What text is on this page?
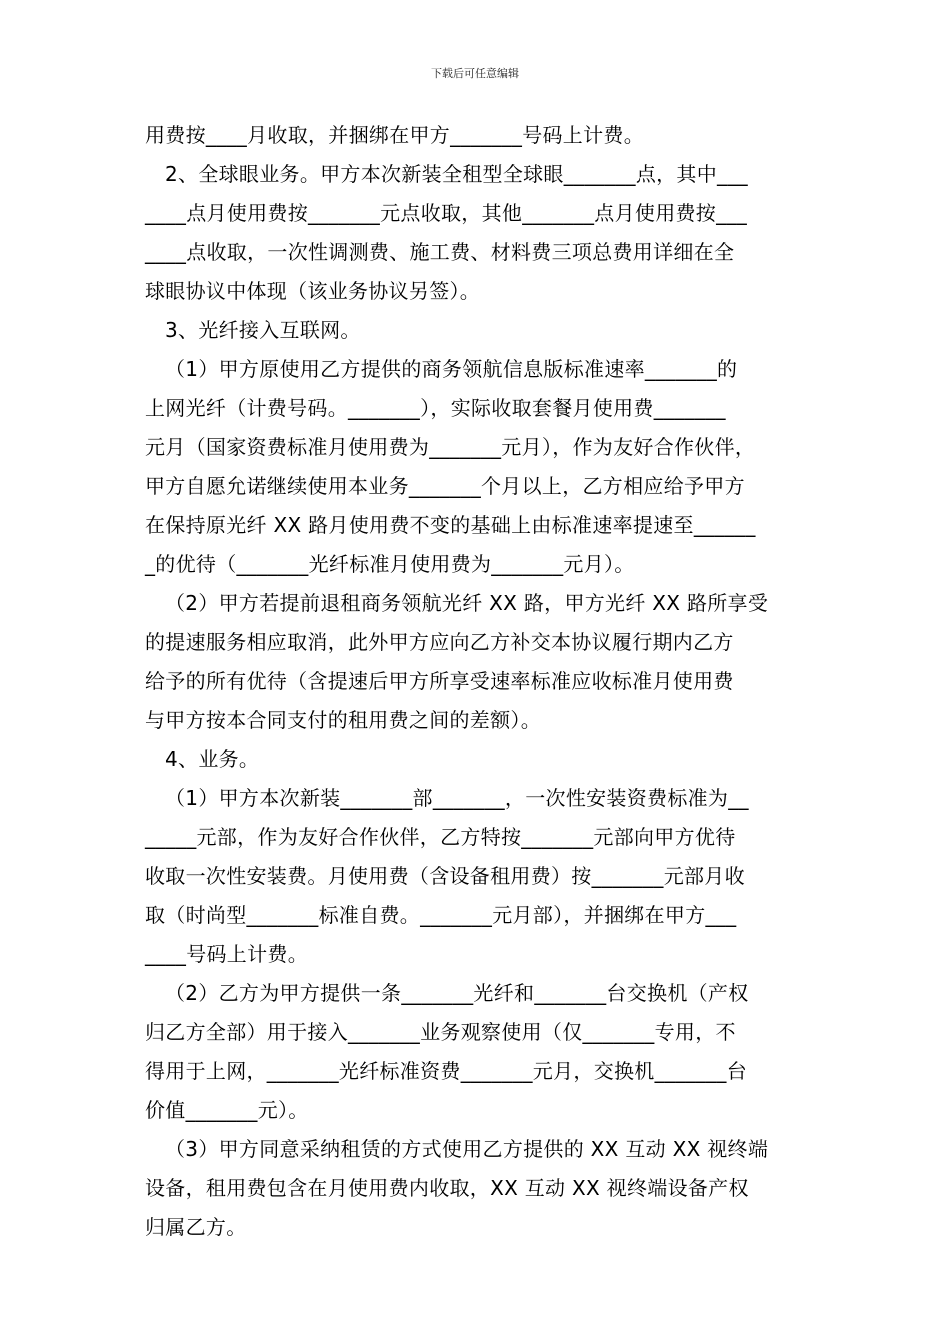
下载后可任意编辑
用费按____月收取，并捆绑在甲方_______号码上计费。
2、全球眼业务。甲方本次新装全租型全球眼_______点，其中___
____点月使用费按_______元点收取，其他_______点月使用费按___
____点收取，一次性调测费、施工费、材料费三项总费用详细在全
球眼协议中体现（该业务协议另签）。
3、光纤接入互联网。
（1）甲方原使用乙方提供的商务领航信息版标准速率_______的
上网光纤（计费号码。_______），实际收取套餐月使用费_______
元月（国家资费标准月使用费为_______元月），作为友好合作伙伴，
甲方自愿允诺继续使用本业务_______个月以上，乙方相应给予甲方
在保持原光纤 XX 路月使用费不变的基础上由标准速率提速至______
_的优待（_______光纤标准月使用费为_______元月）。
（2）甲方若提前退租商务领航光纤 XX 路，甲方光纤 XX 路所享受
的提速服务相应取消，此外甲方应向乙方补交本协议履行期内乙方
给予的所有优待（含提速后甲方所享受速率标准应收标准月使用费
与甲方按本合同支付的租用费之间的差额）。
4、业务。
（1）甲方本次新装_______部_______，一次性安装资费标准为__
_____元部，作为友好合作伙伴，乙方特按_______元部向甲方优待
收取一次性安装费。月使用费（含设备租用费）按_______元部月收
取（时尚型_______标准自费。_______元月部），并捆绑在甲方___
____号码上计费。
（2）乙方为甲方提供一条_______光纤和_______台交换机（产权
归乙方全部）用于接入_______业务观察使用（仅_______专用，不
得用于上网，_______光纤标准资费_______元月，交换机_______台
价值_______元）。
（3）甲方同意采纳租赁的方式使用乙方提供的 XX 互动 XX 视终端
设备，租用费包含在月使用费内收取，XX 互动 XX 视终端设备产权
归属乙方。
